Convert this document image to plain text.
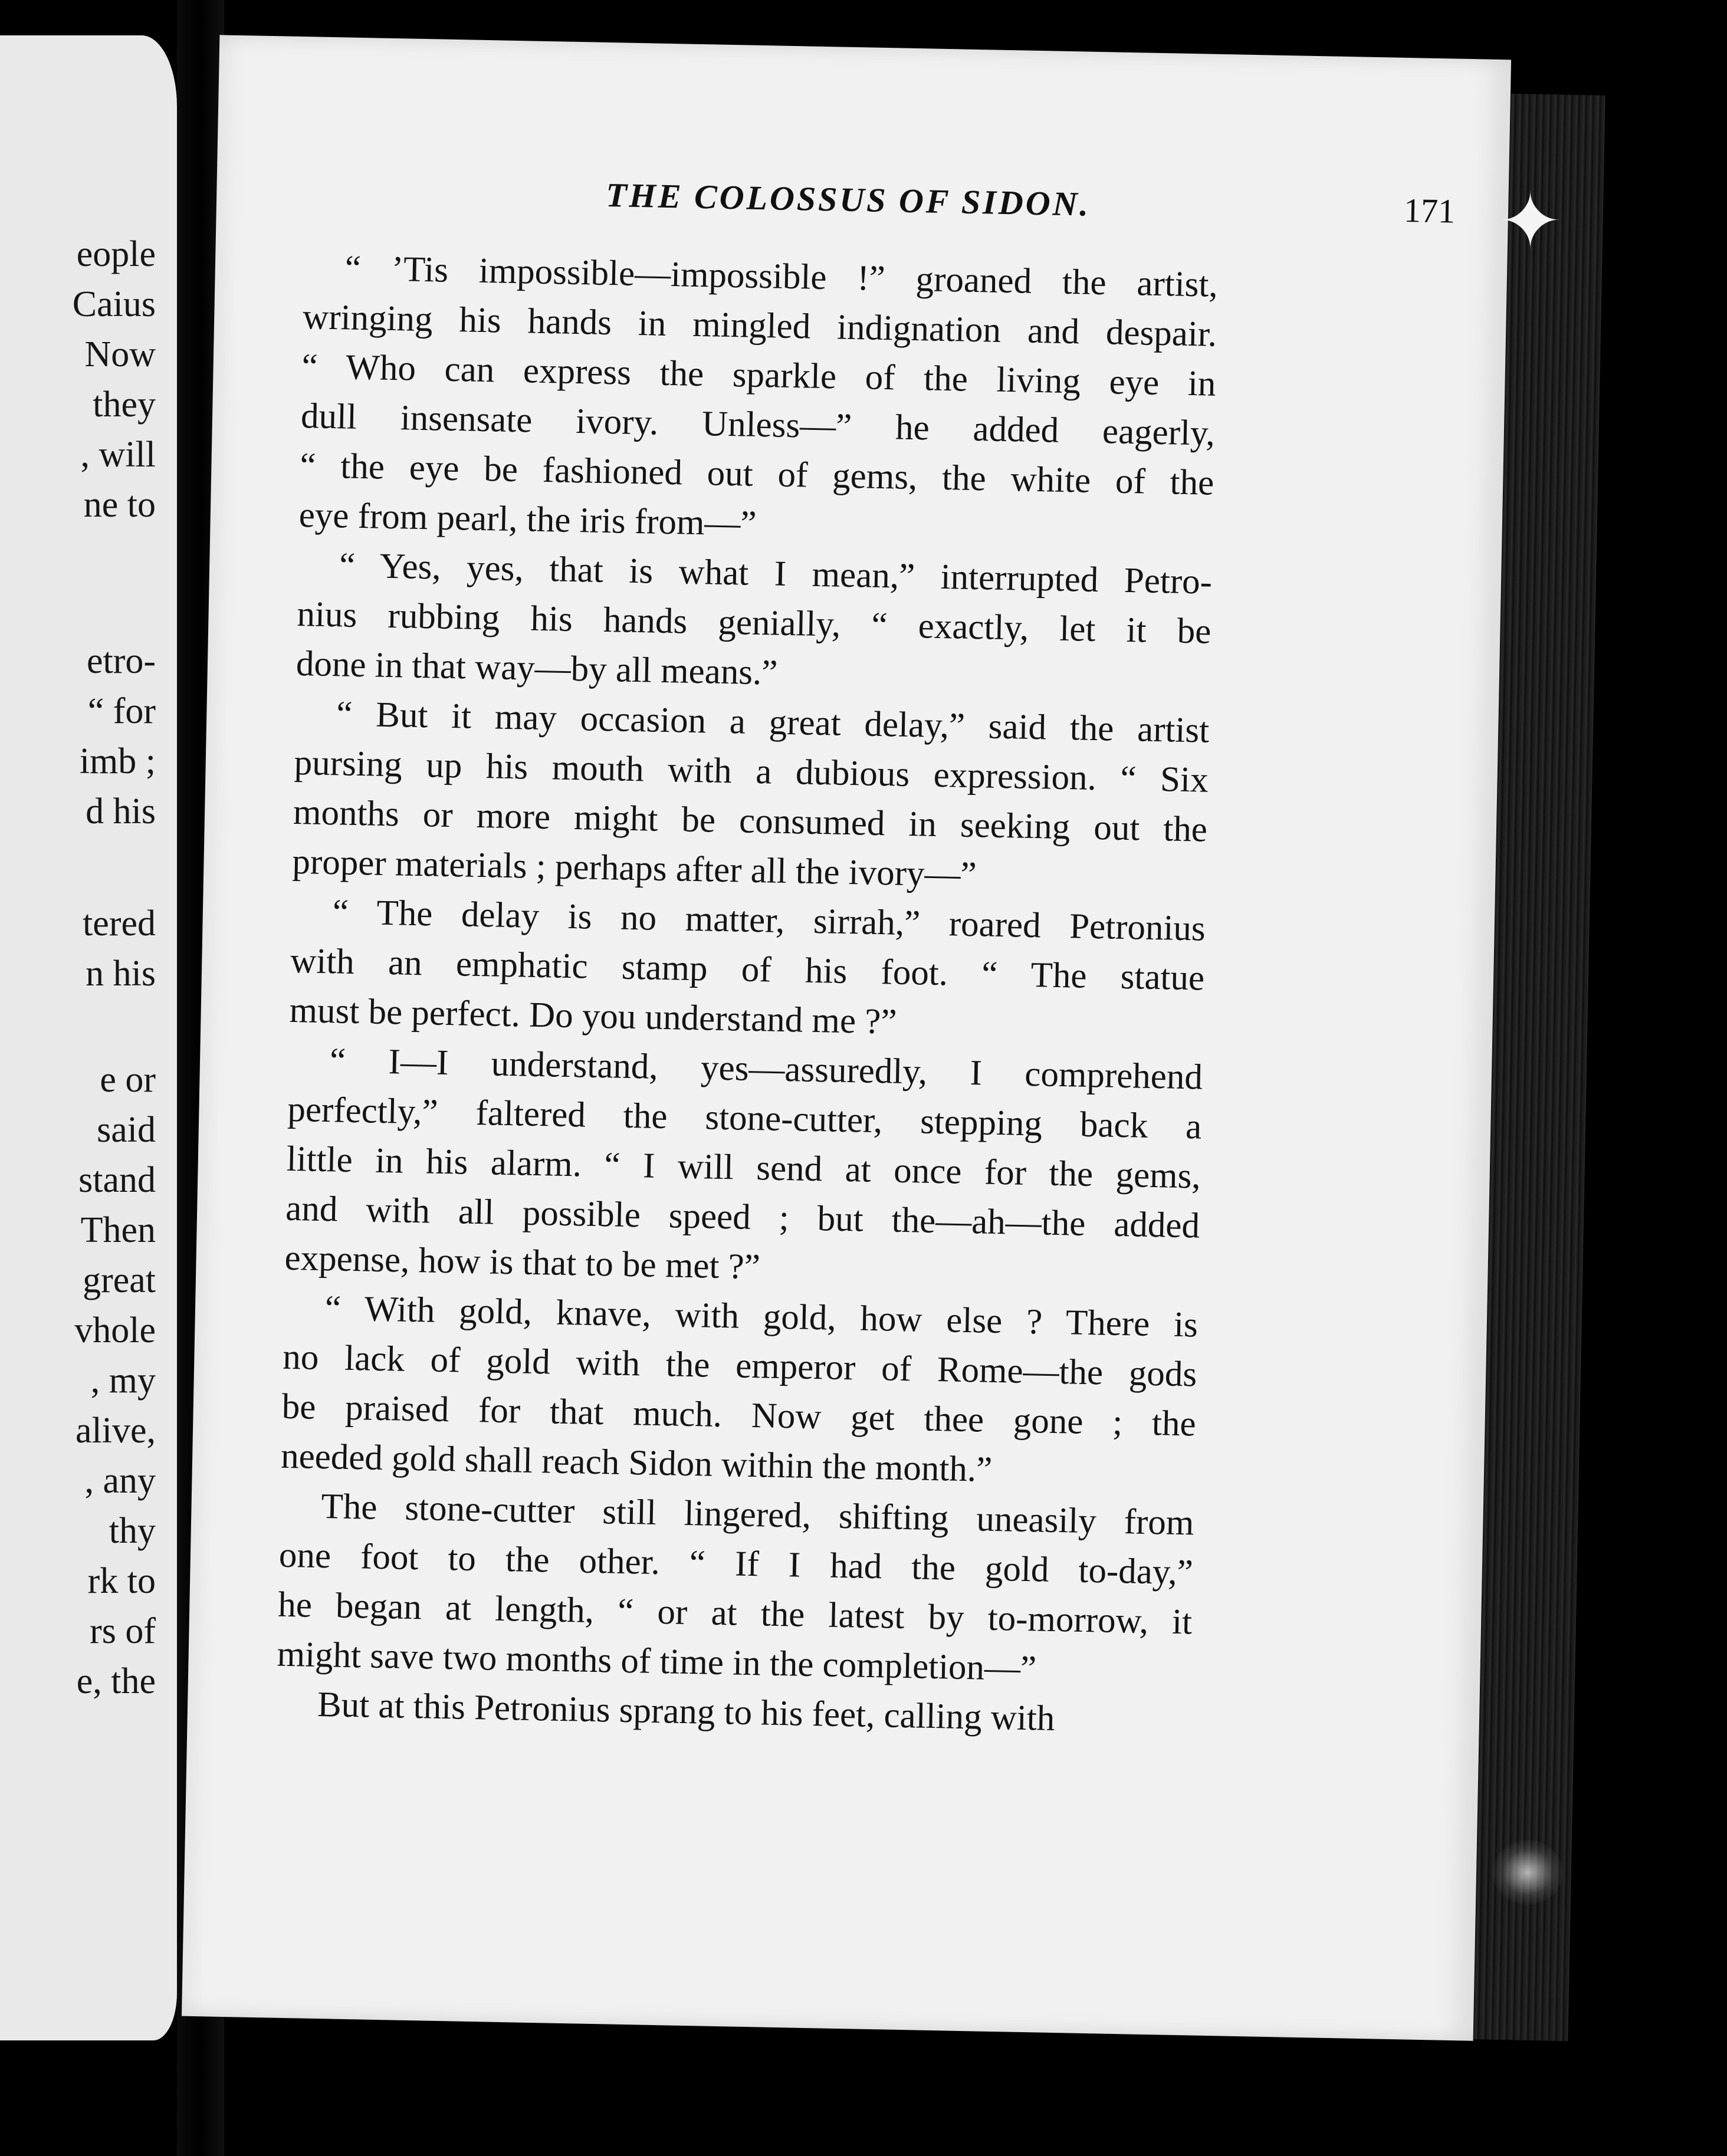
eople
Caius
Now
they
, will
ne to
etro-
“ for
imb ;
d his
tered
n his
e or
said
stand
Then
great
vhole
, my
alive,
, any
thy
rk to
rs of
e, the
THE COLOSSUS OF SIDON.	171
“ ’Tis impossible—impossible !” groaned the artist,
wringing his hands in mingled indignation and despair.
“ Who can express the sparkle of the living eye in
dull insensate ivory. Unless—” he added eagerly,
“ the eye be fashioned out of gems, the white of the
eye from pearl, the iris from—”
“ Yes, yes, that is what I mean,” interrupted Petro-
nius rubbing his hands genially, “ exactly, let it be
done in that way—by all means.”
“ But it may occasion a great delay,” said the artist
pursing up his mouth with a dubious expression. “ Six
months or more might be consumed in seeking out the
proper materials ; perhaps after all the ivory—”
“ The delay is no matter, sirrah,” roared Petronius
with an emphatic stamp of his foot. “ The statue
must be perfect. Do you understand me ?”
“ I—I understand, yes—assuredly, I comprehend
perfectly,” faltered the stone-cutter, stepping back a
little in his alarm. “ I will send at once for the gems,
and with all possible speed ; but the—ah—the added
expense, how is that to be met ?”
“ With gold, knave, with gold, how else ? There is
no lack of gold with the emperor of Rome—the gods
be praised for that much. Now get thee gone ; the
needed gold shall reach Sidon within the month.”
The stone-cutter still lingered, shifting uneasily from
one foot to the other. “ If I had the gold to-day,”
he began at length, “ or at the latest by to-morrow, it
might save two months of time in the completion—”
But at this Petronius sprang to his feet, calling with
✦
